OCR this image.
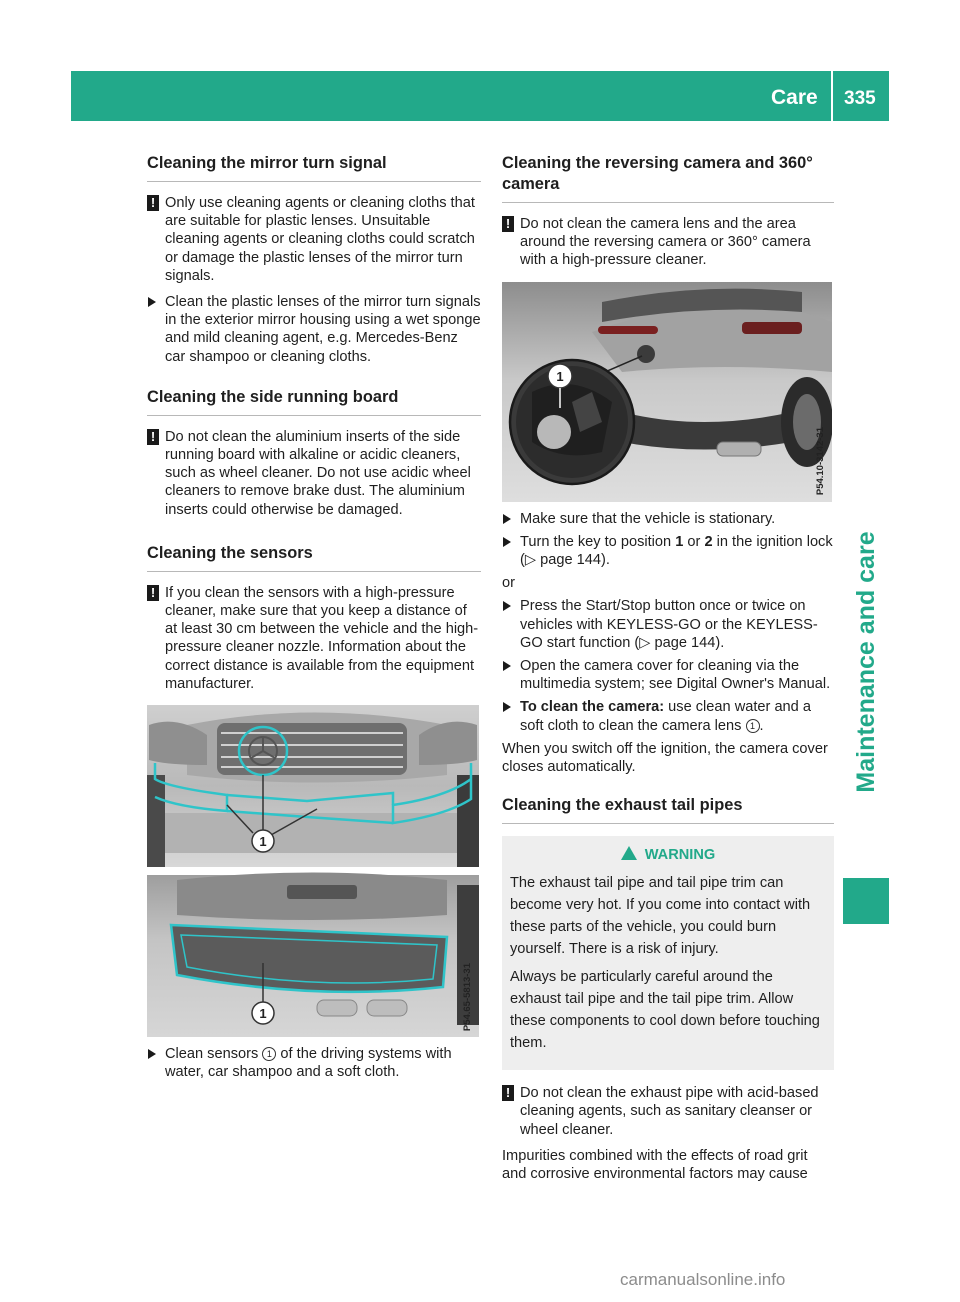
Care 335
Maintenance and care
Cleaning the mirror turn signal
! Only use cleaning agents or cleaning cloths that are suitable for plastic lenses. Unsuitable cleaning agents or cleaning cloths could scratch or damage the plastic lenses of the mirror turn signals.
Clean the plastic lenses of the mirror turn signals in the exterior mirror housing using a wet sponge and mild cleaning agent, e.g. Mercedes-Benz car shampoo or cleaning cloths.
Cleaning the side running board
! Do not clean the aluminium inserts of the side running board with alkaline or acidic cleaners, such as wheel cleaner. Do not use acidic wheel cleaners to remove brake dust. The aluminium inserts could otherwise be damaged.
Cleaning the sensors
! If you clean the sensors with a high-pressure cleaner, make sure that you keep a distance of at least 30 cm between the vehicle and the high-pressure cleaner nozzle. Information about the correct distance is available from the equipment manufacturer.
1
1	P54.65-5813-31
Clean sensors 1 of the driving systems with water, car shampoo and a soft cloth.
Cleaning the reversing camera and 360° camera
! Do not clean the camera lens and the area around the reversing camera or 360° camera with a high-pressure cleaner.
1
P54.10-3142-31
Make sure that the vehicle is stationary.
Turn the key to position 1 or 2 in the ignition lock (▷ page 144).
or
Press the Start/Stop button once or twice on vehicles with KEYLESS-GO or the KEYLESS-GO start function (▷ page 144).
Open the camera cover for cleaning via the multimedia system; see Digital Owner's Manual.
To clean the camera: use clean water and a soft cloth to clean the camera lens 1 .
When you switch off the ignition, the camera cover closes automatically.
Cleaning the exhaust tail pipes
WARNING

The exhaust tail pipe and tail pipe trim can become very hot. If you come into contact with these parts of the vehicle, you could burn yourself. There is a risk of injury.

Always be particularly careful around the exhaust tail pipe and the tail pipe trim. Allow these components to cool down before touching them.

! Do not clean the exhaust pipe with acid-based cleaning agents, such as sanitary cleanser or wheel cleaner.
Impurities combined with the effects of road grit and corrosive environmental factors may cause
carmanualsonline.info
